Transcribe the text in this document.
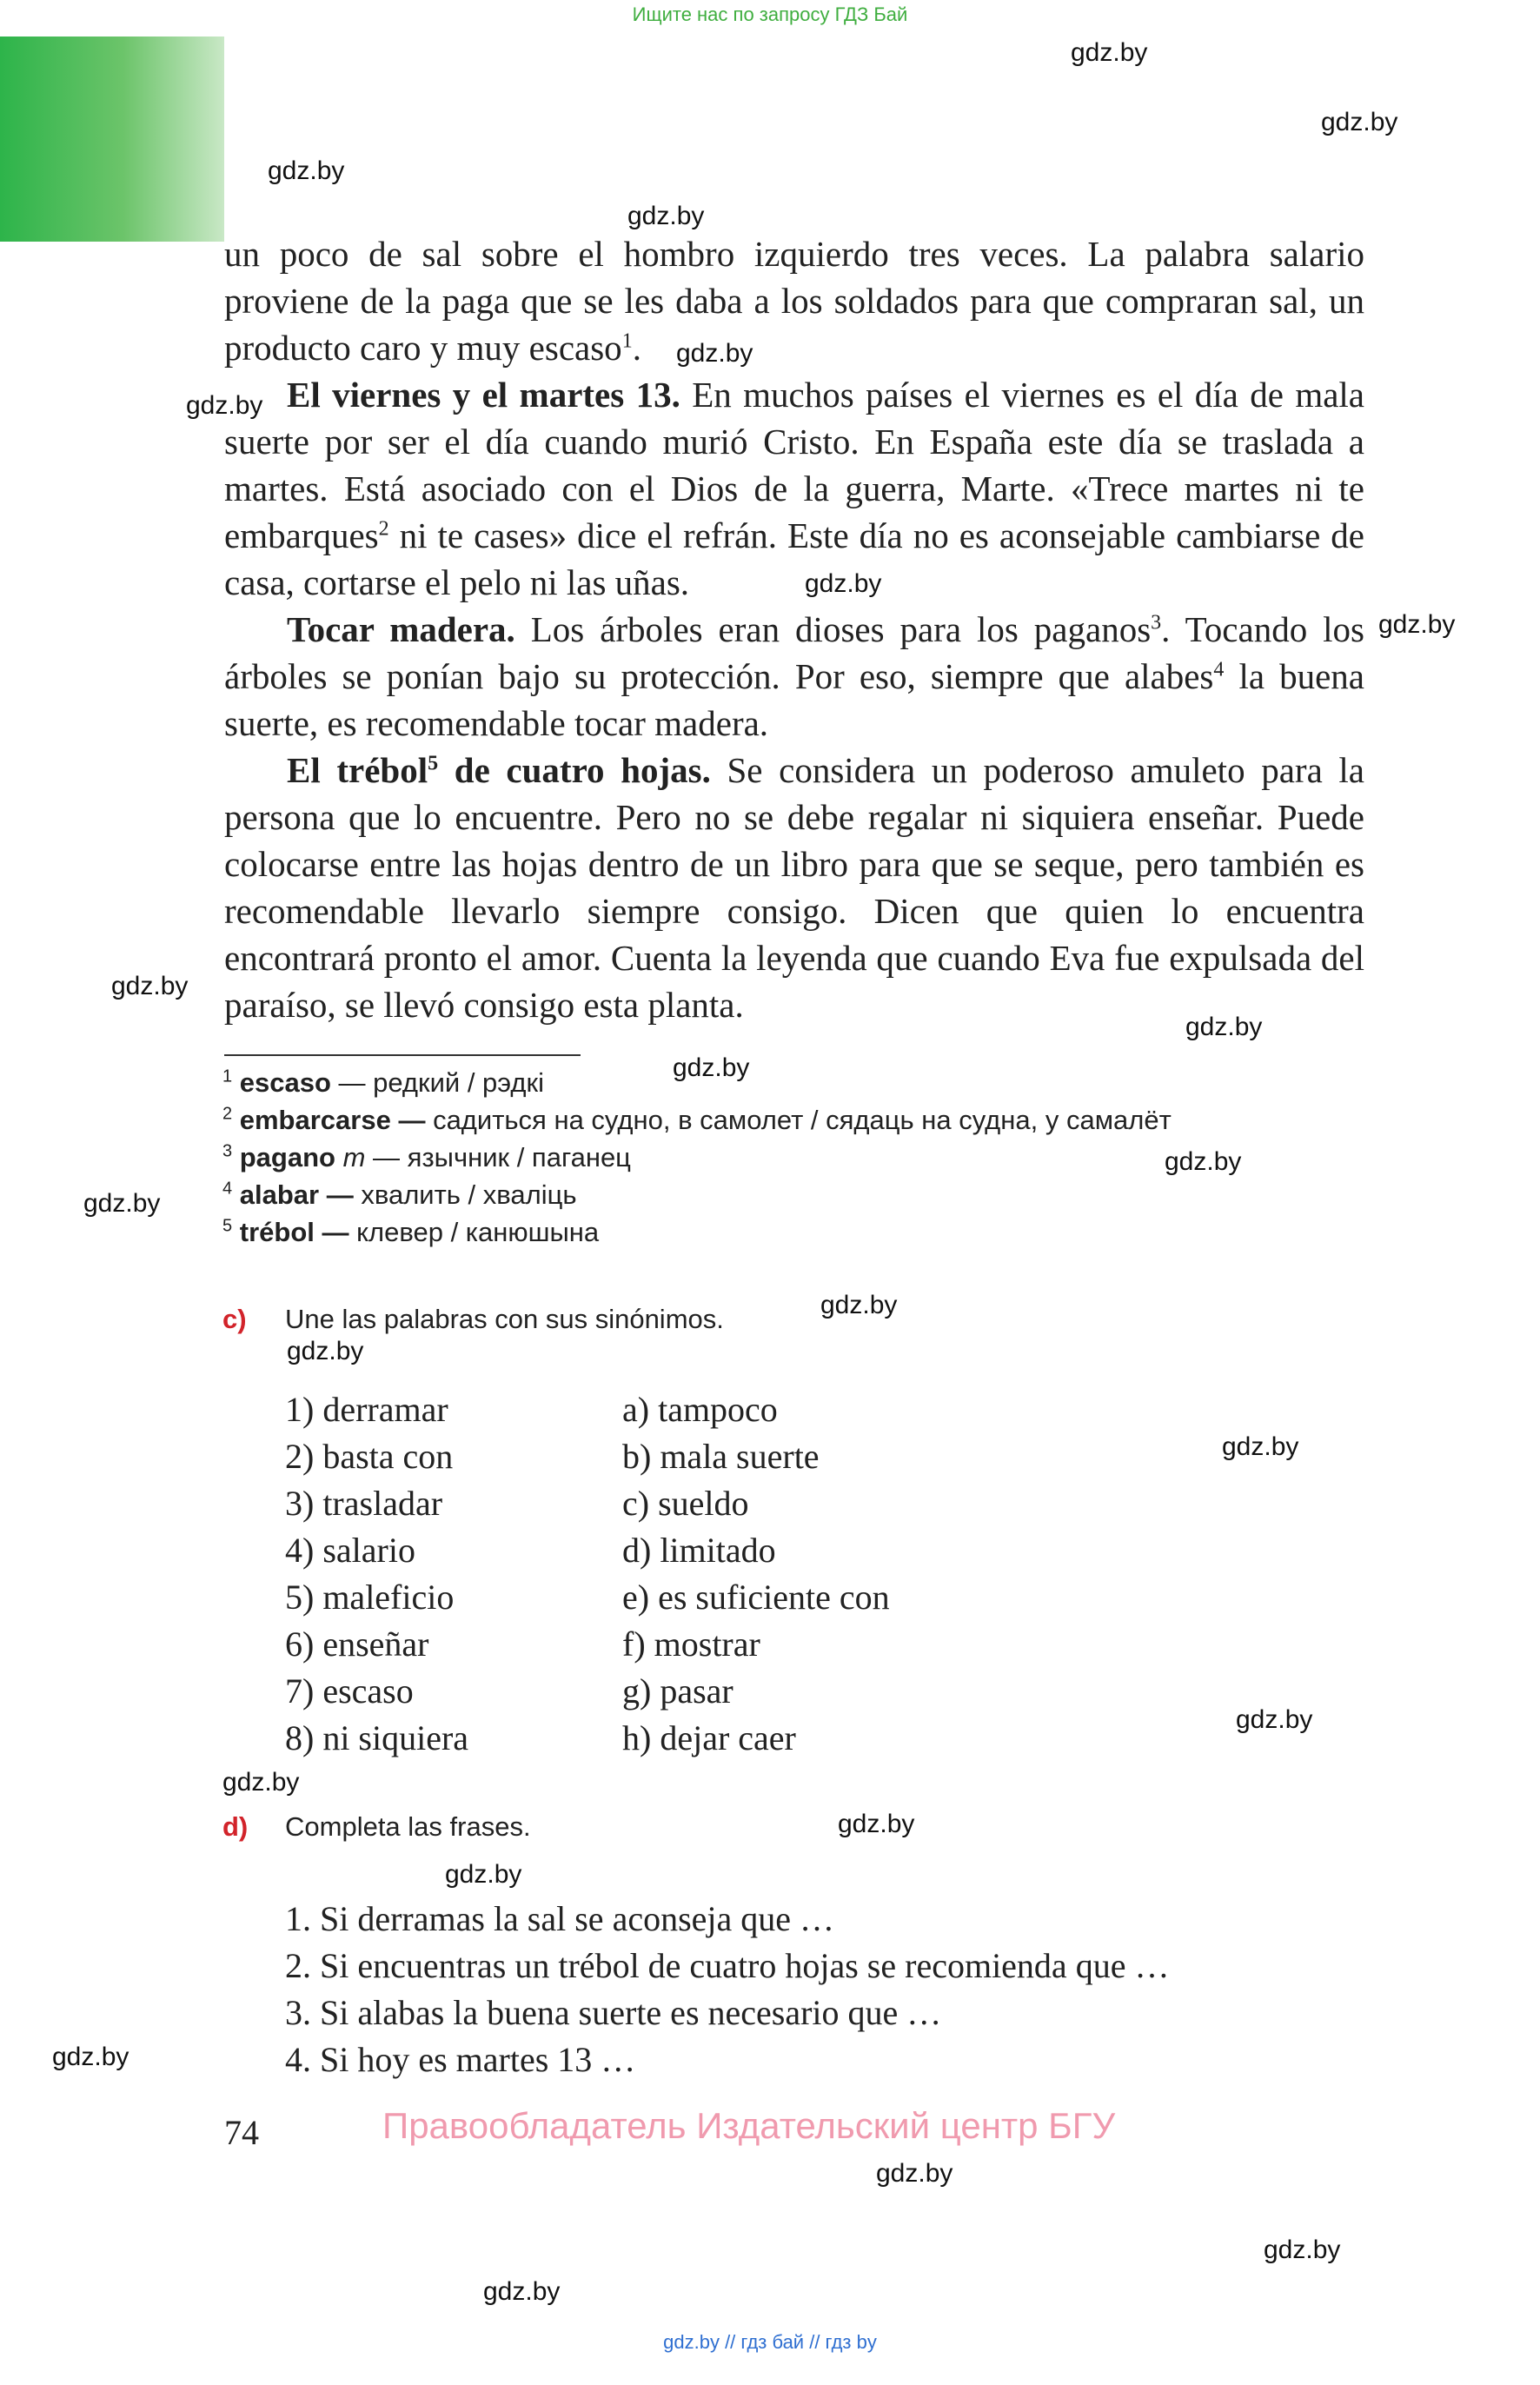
Ищите нас по запросу ГДЗ Бай
gdz.by
gdz.by
gdz.by
gdz.by
gdz.by
gdz.by
gdz.by
gdz.by
gdz.by
gdz.by
gdz.by
gdz.by
gdz.by
gdz.by
gdz.by
gdz.by
gdz.by
gdz.by
gdz.by
gdz.by
gdz.by
gdz.by
gdz.by
gdz.by

un poco de sal sobre el hombro izquierdo tres veces. La palabra salario proviene de la paga que se les daba a los soldados para que compraran sal, un producto caro y muy escaso$^1$.

El viernes y el martes 13. En muchos países el viernes es el día de mala suerte por ser el día cuando murió Cristo. En España este día se traslada a martes. Está asociado con el Dios de la guerra, Marte. «Trece martes ni te embarques$^2$ ni te cases» dice el refrán. Este día no es aconsejable cambiarse de casa, cortarse el pelo ni las uñas.

Tocar madera. Los árboles eran dioses para los paganos$^3$. Tocando los árboles se ponían bajo su protección. Por eso, siempre que alabes$^4$ la buena suerte, es recomendable tocar madera.

El trébol$^5$ de cuatro hojas. Se considera un poderoso amuleto para la persona que lo encuentre. Pero no se debe regalar ni siquiera enseñar. Puede colocarse entre las hojas dentro de un libro para que se seque, pero también es recomendable llevarlo siempre consigo. Dicen que quien lo encuentra encontrará pronto el amor. Cuenta la leyenda que cuando Eva fue expulsada del paraíso, se llevó consigo esta planta.

$^1$ escaso — редкий / рэдкі
$^2$ embarcarse — садиться на судно, в самолет / сядаць на судна, у самалёт
$^3$ pagano m — язычник / паганец
$^4$ alabar — хвалить / хваліць
$^5$ trébol — клевер / канюшына
c) Une las palabras con sus sinónimos.
1) derramar
2) basta con
3) trasladar
4) salario
5) maleficio
6) enseñar
7) escaso
8) ni siquiera
a) tampoco
b) mala suerte
c) sueldo
d) limitado
e) es suficiente con
f) mostrar
g) pasar
h) dejar caer
d) Completa las frases.
1. Si derramas la sal se aconseja que …
2. Si encuentras un trébol de cuatro hojas se recomienda que …
3. Si alabas la buena suerte es necesario que …
4. Si hoy es martes 13 …
74	Правообладатель Издательский центр БГУ
gdz.by // гдз бай // гдз by
